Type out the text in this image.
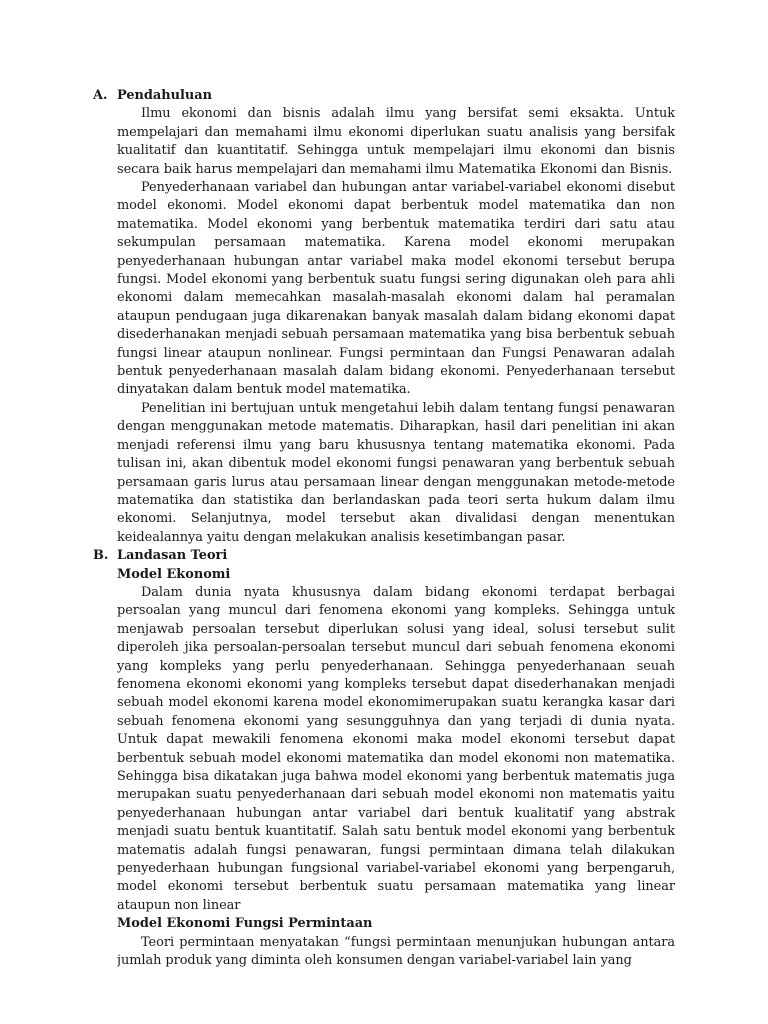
A. Pendahuluan

Ilmu ekonomi dan bisnis adalah ilmu yang bersifat semi eksakta. Untuk mempelajari dan memahami ilmu ekonomi diperlukan suatu analisis yang bersifak kualitatif dan kuantitatif. Sehingga untuk mempelajari ilmu ekonomi dan bisnis secara baik harus mempelajari dan memahami ilmu Matematika Ekonomi dan Bisnis.

Penyederhanaan variabel dan hubungan antar variabel-variabel ekonomi disebut model ekonomi. Model ekonomi dapat berbentuk model matematika dan non matematika. Model ekonomi yang berbentuk matematika terdiri dari satu atau sekumpulan persamaan matematika. Karena model ekonomi merupakan penyederhanaan hubungan antar variabel maka model ekonomi tersebut berupa fungsi. Model ekonomi yang berbentuk suatu fungsi sering digunakan oleh para ahli ekonomi dalam memecahkan masalah-masalah ekonomi dalam hal peramalan ataupun pendugaan juga dikarenakan banyak masalah dalam bidang ekonomi dapat disederhanakan menjadi sebuah persamaan matematika yang bisa berbentuk sebuah fungsi linear ataupun nonlinear. Fungsi permintaan dan Fungsi Penawaran adalah bentuk penyederhanaan masalah dalam bidang ekonomi. Penyederhanaan tersebut dinyatakan dalam bentuk model matematika.

Penelitian ini bertujuan untuk mengetahui lebih dalam tentang fungsi penawaran dengan menggunakan metode matematis. Diharapkan, hasil dari penelitian ini akan menjadi referensi ilmu yang baru khususnya tentang matematika ekonomi. Pada tulisan ini, akan dibentuk model ekonomi fungsi penawaran yang berbentuk sebuah persamaan garis lurus atau persamaan linear dengan menggunakan metode-metode matematika dan statistika dan berlandaskan pada teori serta hukum dalam ilmu ekonomi. Selanjutnya, model tersebut akan divalidasi dengan menentukan keidealannya yaitu dengan melakukan analisis kesetimbangan pasar.

B. Landasan Teori
Model Ekonomi

Dalam dunia nyata khususnya dalam bidang ekonomi terdapat berbagai persoalan yang muncul dari fenomena ekonomi yang kompleks. Sehingga untuk menjawab persoalan tersebut diperlukan solusi yang ideal, solusi tersebut sulit diperoleh jika persoalan-persoalan tersebut muncul dari sebuah fenomena ekonomi yang kompleks yang perlu penyederhanaan. Sehingga penyederhanaan seuah fenomena ekonomi ekonomi yang kompleks tersebut dapat disederhanakan menjadi sebuah model ekonomi karena model ekonomimerupakan suatu kerangka kasar dari sebuah fenomena ekonomi yang sesungguhnya dan yang terjadi di dunia nyata. Untuk dapat mewakili fenomena ekonomi maka model ekonomi tersebut dapat berbentuk sebuah model ekonomi matematika dan model ekonomi non matematika. Sehingga bisa dikatakan juga bahwa model ekonomi yang berbentuk matematis juga merupakan suatu penyederhanaan dari sebuah model ekonomi non matematis yaitu penyederhanaan hubungan antar variabel dari bentuk kualitatif yang abstrak menjadi suatu bentuk kuantitatif. Salah satu bentuk model ekonomi yang berbentuk matematis adalah fungsi penawaran, fungsi permintaan dimana telah dilakukan penyederhaan hubungan fungsional variabel-variabel ekonomi yang berpengaruh, model ekonomi tersebut berbentuk suatu persamaan matematika yang linear ataupun non linear

Model Ekonomi Fungsi Permintaan

Teori permintaan menyatakan “fungsi permintaan menunjukan hubungan antara jumlah produk yang diminta oleh konsumen dengan variabel-variabel lain yang
